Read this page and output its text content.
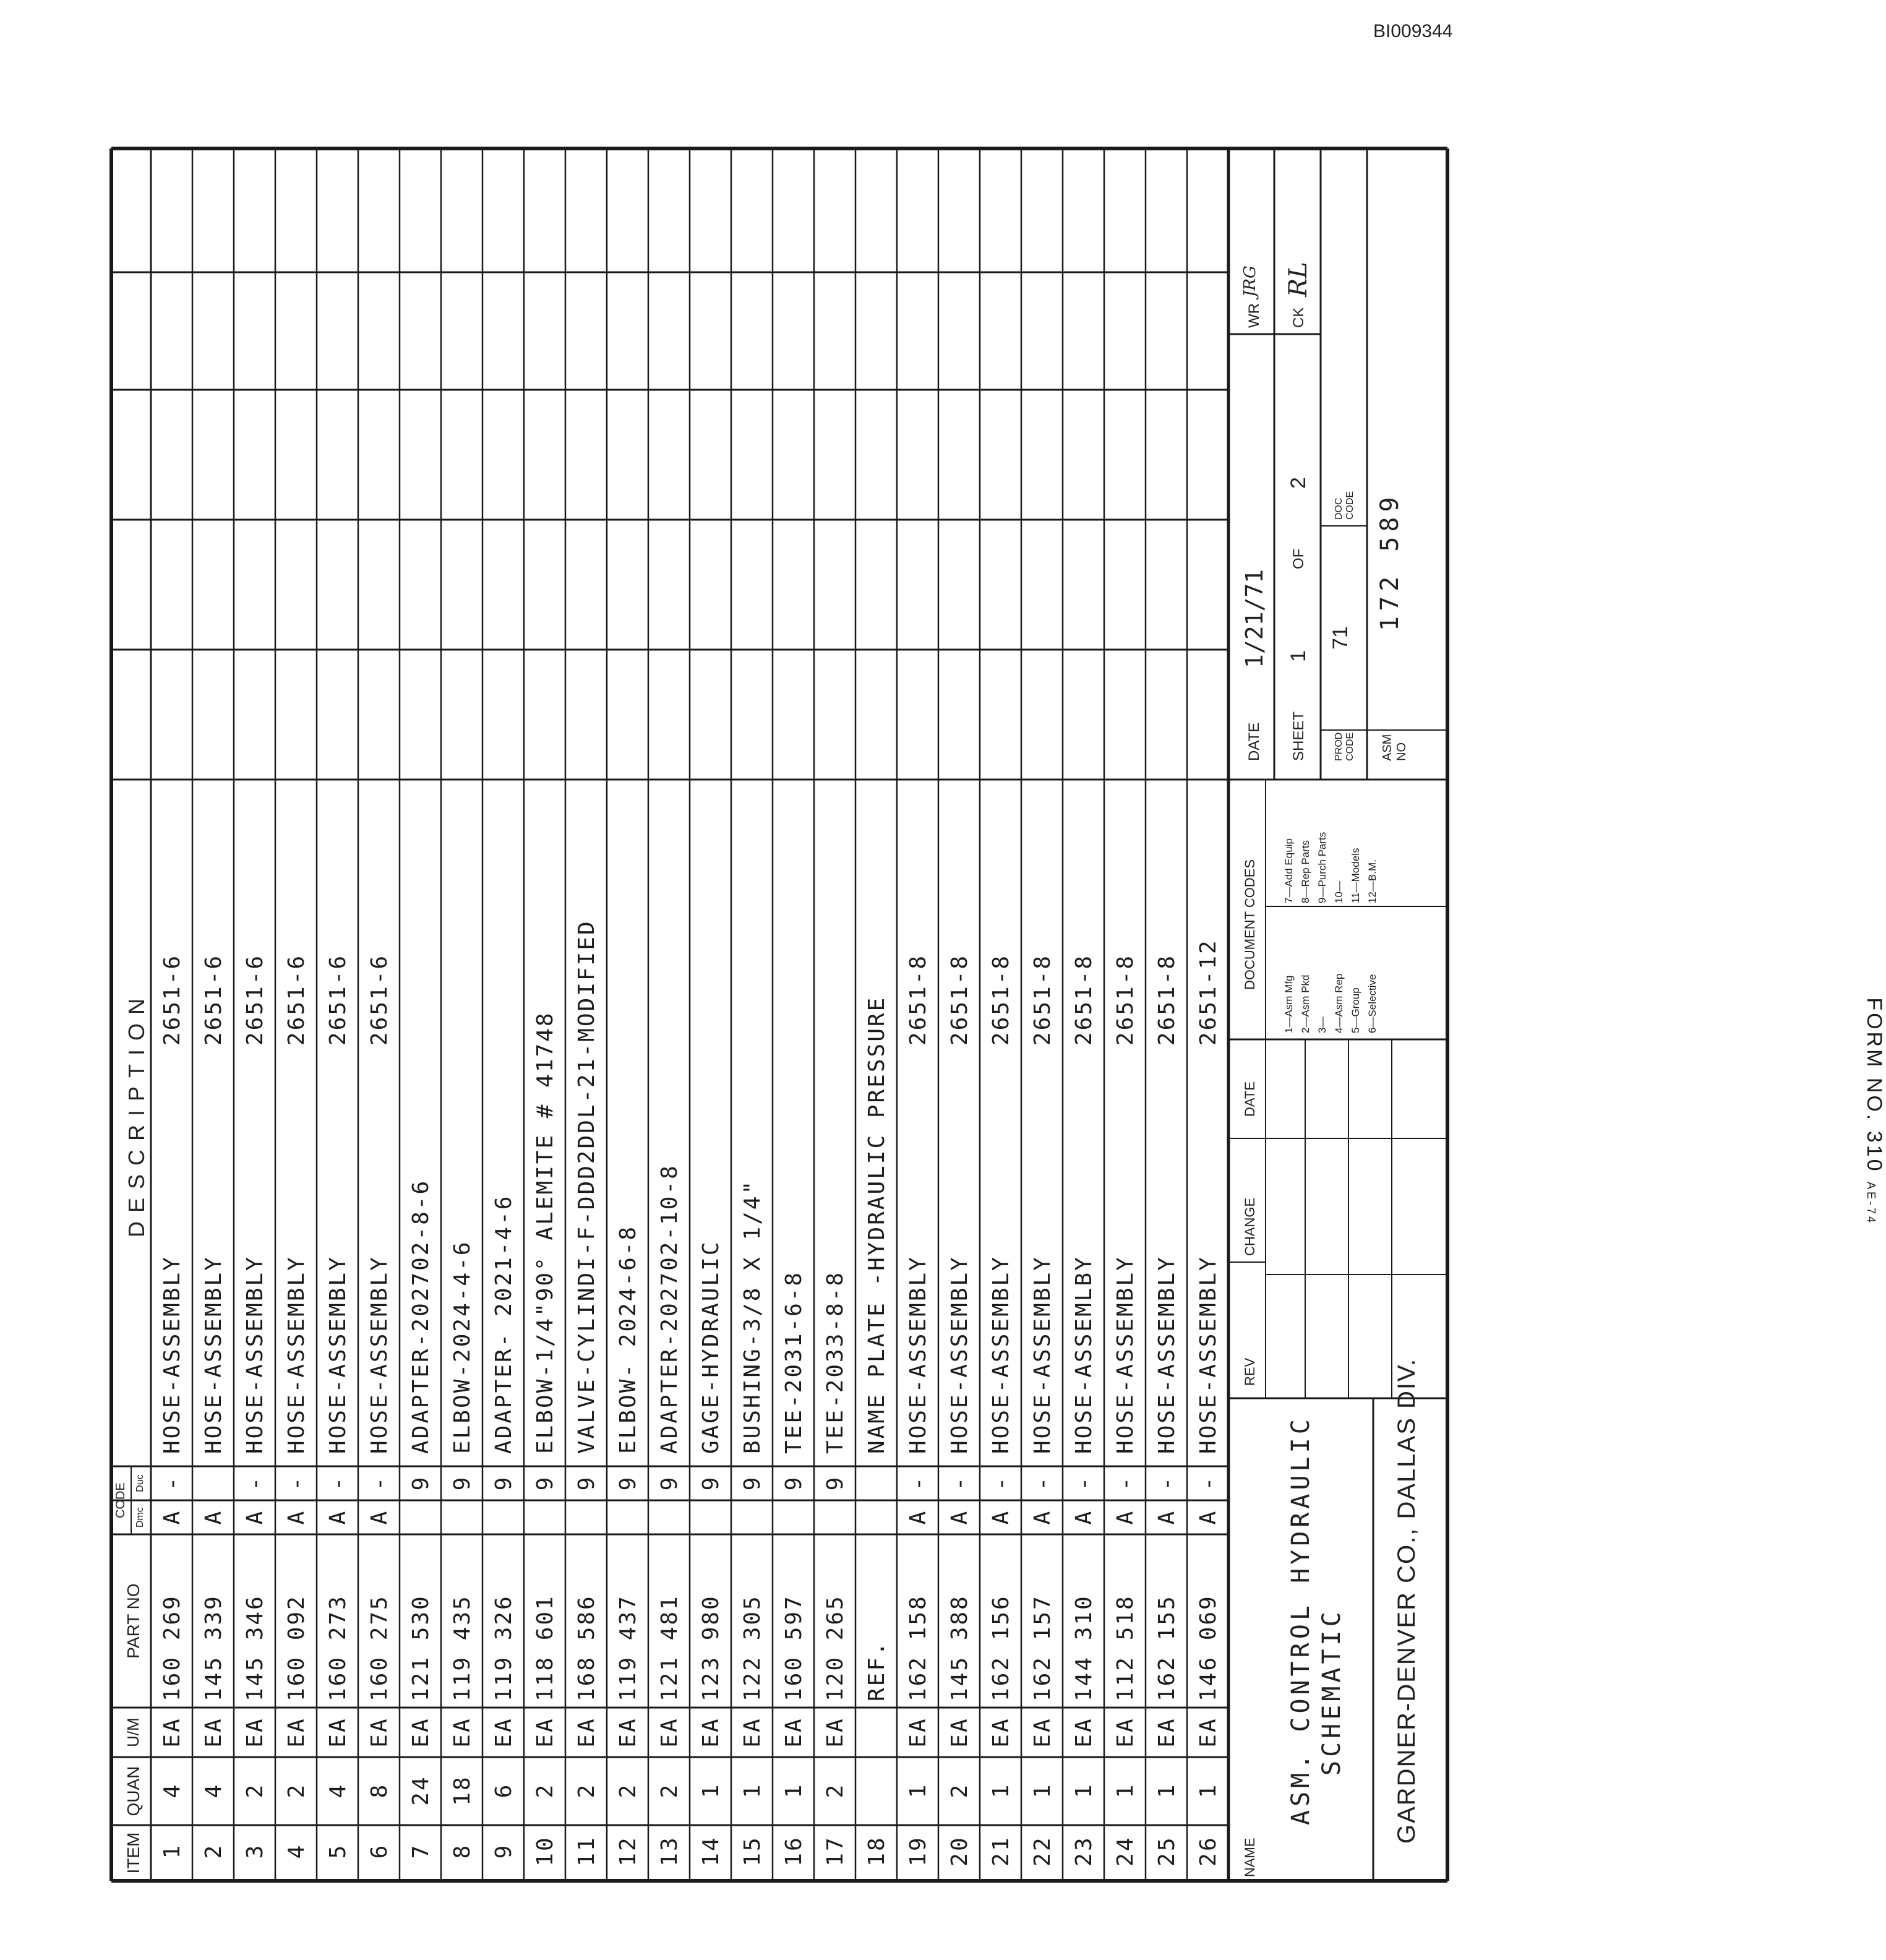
BI009344
ITEM
QUAN
U/M
PART NO
CODE Dmc
Duc
DESCRIPTION
1
4
EA
160 269
A
-
HOSE-ASSEMBLY
2651-6
2
4
EA
145 339
A
HOSE-ASSEMBLY
2651-6
3
2
EA
145 346
A
-
HOSE-ASSEMBLY
2651-6
4
2
EA
160 092
A
-
HOSE-ASSEMBLY
2651-6
5
4
EA
160 273
A
-
HOSE-ASSEMBLY
2651-6
6
8
EA
160 275
A
-
HOSE-ASSEMBLY
2651-6
7
24
EA
121 530
9
ADAPTER-202702-8-6
8
18
EA
119 435
9
ELBOW-2024-4-6
9
6
EA
119 326
9
ADAPTER- 2021-4-6
10
2
EA
118 601
9
ELBOW-1/4"90° ALEMITE # 41748
11
2
EA
168 586
9
VALVE-CYLINDI-F-DDD2DDL-21-MODIFIED
12
2
EA
119 437
9
ELBOW- 2024-6-8
13
2
EA
121 481
9
ADAPTER-202702-10-8
14
1
EA
123 980
9
GAGE-HYDRAULIC
15
1
EA
122 305
9
BUSHING-3/8 X 1/4"
16
1
EA
160 597
9
TEE-2031-6-8
17
2
EA
120 265
9
TEE-2033-8-8
18
REF.
NAME PLATE -HYDRAULIC PRESSURE
19
1
EA
162 158
A
-
HOSE-ASSEMBLY
2651-8
20
2
EA
145 388
A
-
HOSE-ASSEMBLY
2651-8
21
1
EA
162 156
A
-
HOSE-ASSEMBLY
2651-8
22
1
EA
162 157
A
-
HOSE-ASSEMBLY
2651-8
23
1
EA
144 310
A
-
HOSE-ASSEMLBY
2651-8
24
1
EA
112 518
A
-
HOSE-ASSEMBLY
2651-8
25
1
EA
162 155
A
-
HOSE-ASSEMBLY
2651-8
26
1
EA
146 069
A
-
HOSE-ASSEMBLY
2651-12
NAME
ASM. CONTROL HYDRAULIC SCHEMATIC GARDNER-DENVER CO., DALLAS DIV.
REV
CHANGE
DATE
DOCUMENT CODES
1—Asm Mfg 2—Asm Pkd 3— 4—Asm Rep 5—Group 6—Selective
7—Add Equip 8—Rep Parts 9—Purch Parts 10— 11—Models 12—B.M.
DATE
1/21/71
WR
JRG
SHEET
1
OF
2
CK
RL
PROD CODE
71
DOC CODE
ASM NO
172 589
FORM NO. 310 AE-74
